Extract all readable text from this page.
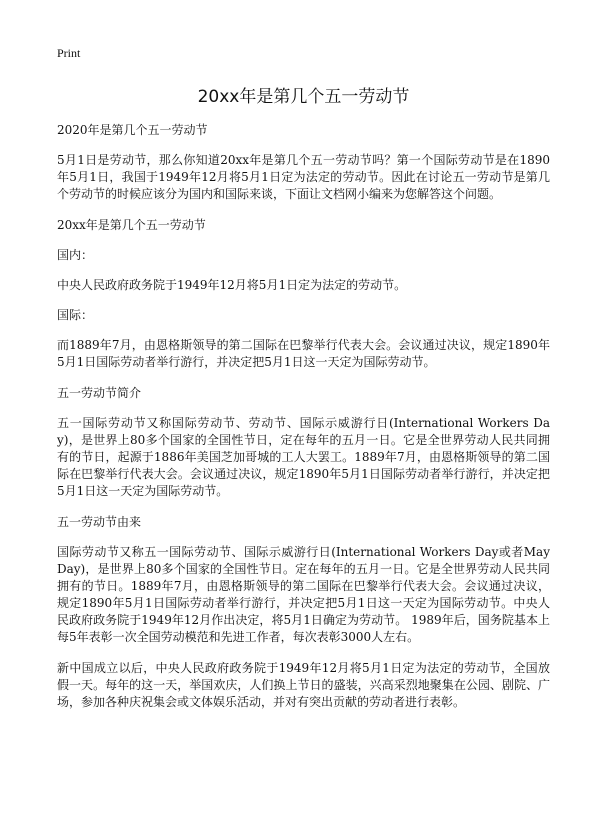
Print
20xx年是第几个五一劳动节
2020年是第几个五一劳动节
5月1日是劳动节，那么你知道20xx年是第几个五一劳动节吗？第一个国际劳动节是在1890年5月1日，我国于1949年12月将5月1日定为法定的劳动节。因此在讨论五一劳动节是第几个劳动节的时候应该分为国内和国际来谈，下面让文档网小编来为您解答这个问题。
20xx年是第几个五一劳动节
国内：
中央人民政府政务院于1949年12月将5月1日定为法定的劳动节。
国际：
而1889年7月，由恩格斯领导的第二国际在巴黎举行代表大会。会议通过决议，规定1890年5月1日国际劳动者举行游行，并决定把5月1日这一天定为国际劳动节。
五一劳动节简介
五一国际劳动节又称国际劳动节、劳动节、国际示威游行日(International Workers Day)，是世界上80多个国家的全国性节日，定在每年的五月一日。它是全世界劳动人民共同拥有的节日，起源于1886年美国芝加哥城的工人大罢工。1889年7月，由恩格斯领导的第二国际在巴黎举行代表大会。会议通过决议，规定1890年5月1日国际劳动者举行游行，并决定把5月1日这一天定为国际劳动节。
五一劳动节由来
国际劳动节又称五一国际劳动节、国际示威游行日(International Workers Day或者May Day)，是世界上80多个国家的全国性节日。定在每年的五月一日。它是全世界劳动人民共同拥有的节日。1889年7月，由恩格斯领导的第二国际在巴黎举行代表大会。会议通过决议，规定1890年5月1日国际劳动者举行游行，并决定把5月1日这一天定为国际劳动节。中央人民政府政务院于1949年12月作出决定，将5月1日确定为劳动节。 1989年后，国务院基本上每5年表彰一次全国劳动模范和先进工作者，每次表彰3000人左右。
新中国成立以后，中央人民政府政务院于1949年12月将5月1日定为法定的劳动节，全国放假一天。每年的这一天，举国欢庆，人们换上节日的盛装，兴高采烈地聚集在公园、剧院、广场，参加各种庆祝集会或文体娱乐活动，并对有突出贡献的劳动者进行表彰。
